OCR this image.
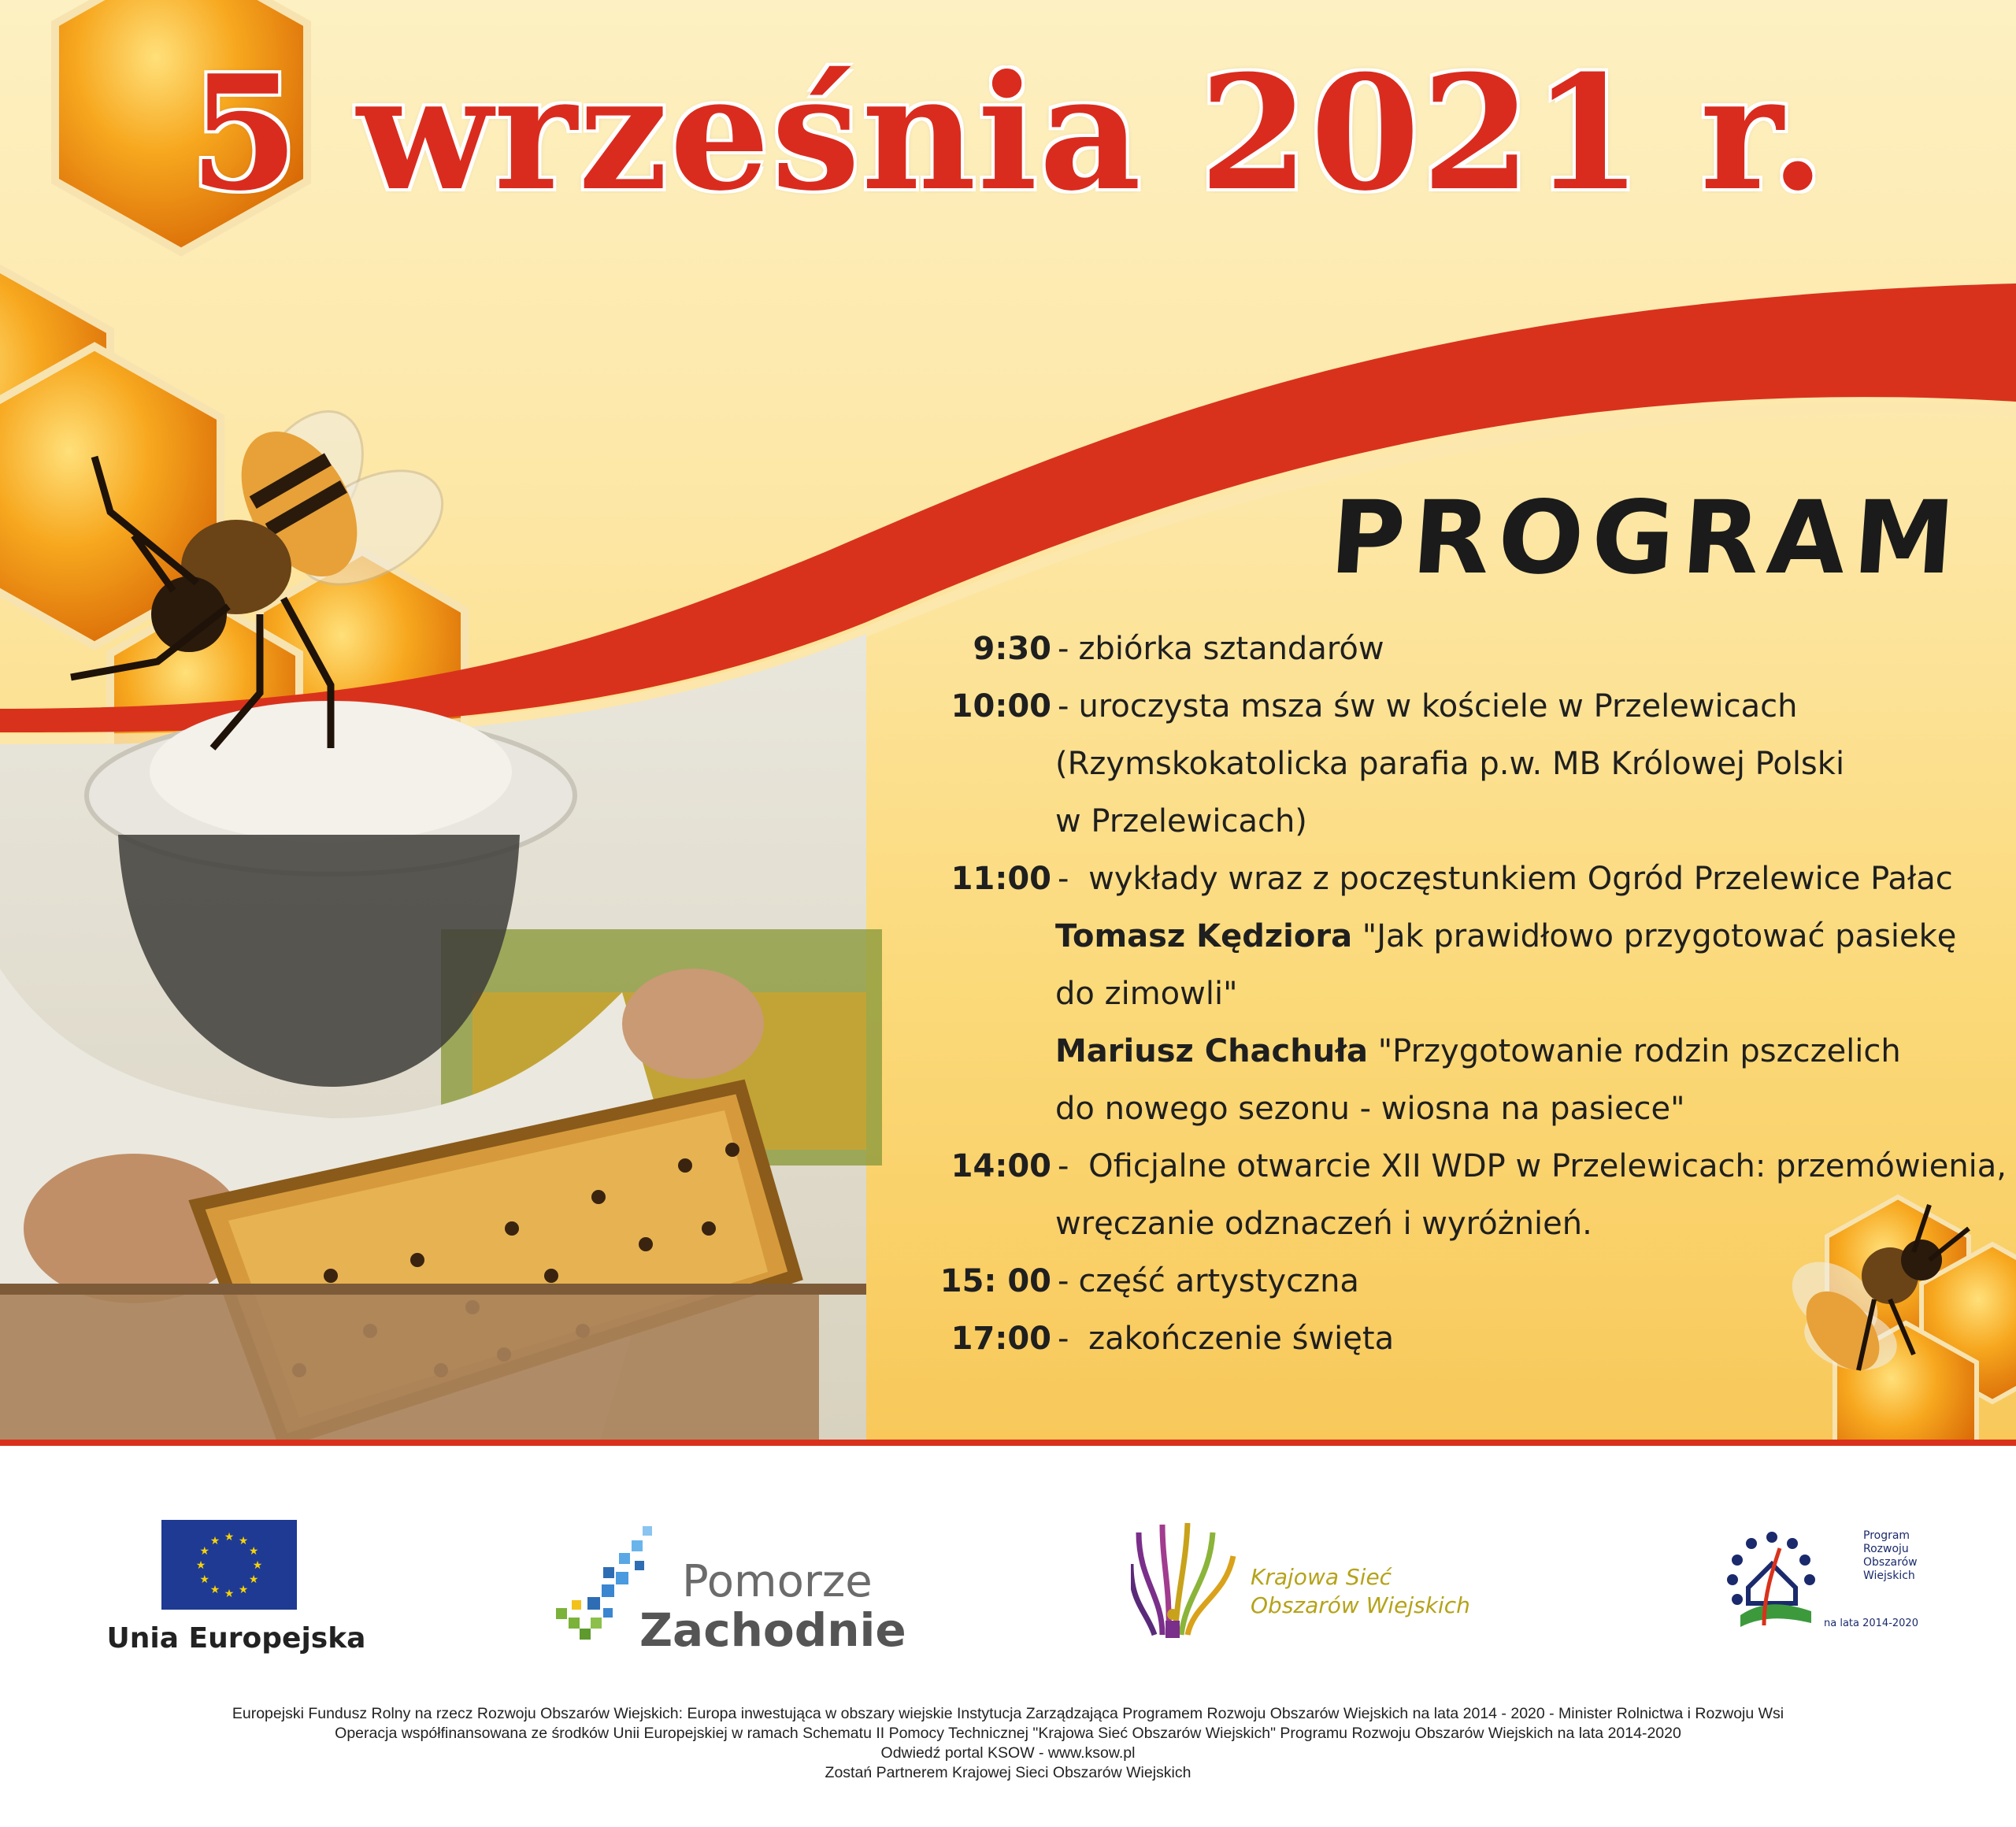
5 września 2021 r.
PROGRAM
9:30 - zbiórka sztandarów
10:00 - uroczysta msza św w kościele w Przelewicach
(Rzymskokatolicka parafia p.w. MB Królowej Polski
w Przelewicach)
11:00 - wykłady wraz z poczęstunkiem Ogród Przelewice Pałac
Tomasz Kędziora "Jak prawidłowo przygotować pasiekę
do zimowli"
Mariusz Chachuła "Przygotowanie rodzin pszczelich
do nowego sezonu - wiosna na pasiece"
14:00 - Oficjalne otwarcie XII WDP w Przelewicach: przemówienia,
wręczanie odznaczeń i wyróżnień.
15: 00 - część artystyczna
17:00 - zakończenie święta
★
★
★
★
★
★
★
★
★ ★ ★
★
Unia Europejska
Pomorze
Zachodnie
Krajowa Sieć
Obszarów Wiejskich
Program
Rozwoju
Obszarów
Wiejskich
na lata 2014-2020
Europejski Fundusz Rolny na rzecz Rozwoju Obszarów Wiejskich: Europa inwestująca w obszary wiejskie Instytucja Zarządzająca Programem Rozwoju Obszarów Wiejskich na lata 2014 - 2020 - Minister Rolnictwa i Rozwoju Wsi
Operacja współfinansowana ze środków Unii Europejskiej w ramach Schematu II Pomocy Technicznej "Krajowa Sieć Obszarów Wiejskich" Programu Rozwoju Obszarów Wiejskich na lata 2014-2020
Odwiedź portal KSOW - www.ksow.pl
Zostań Partnerem Krajowej Sieci Obszarów Wiejskich
